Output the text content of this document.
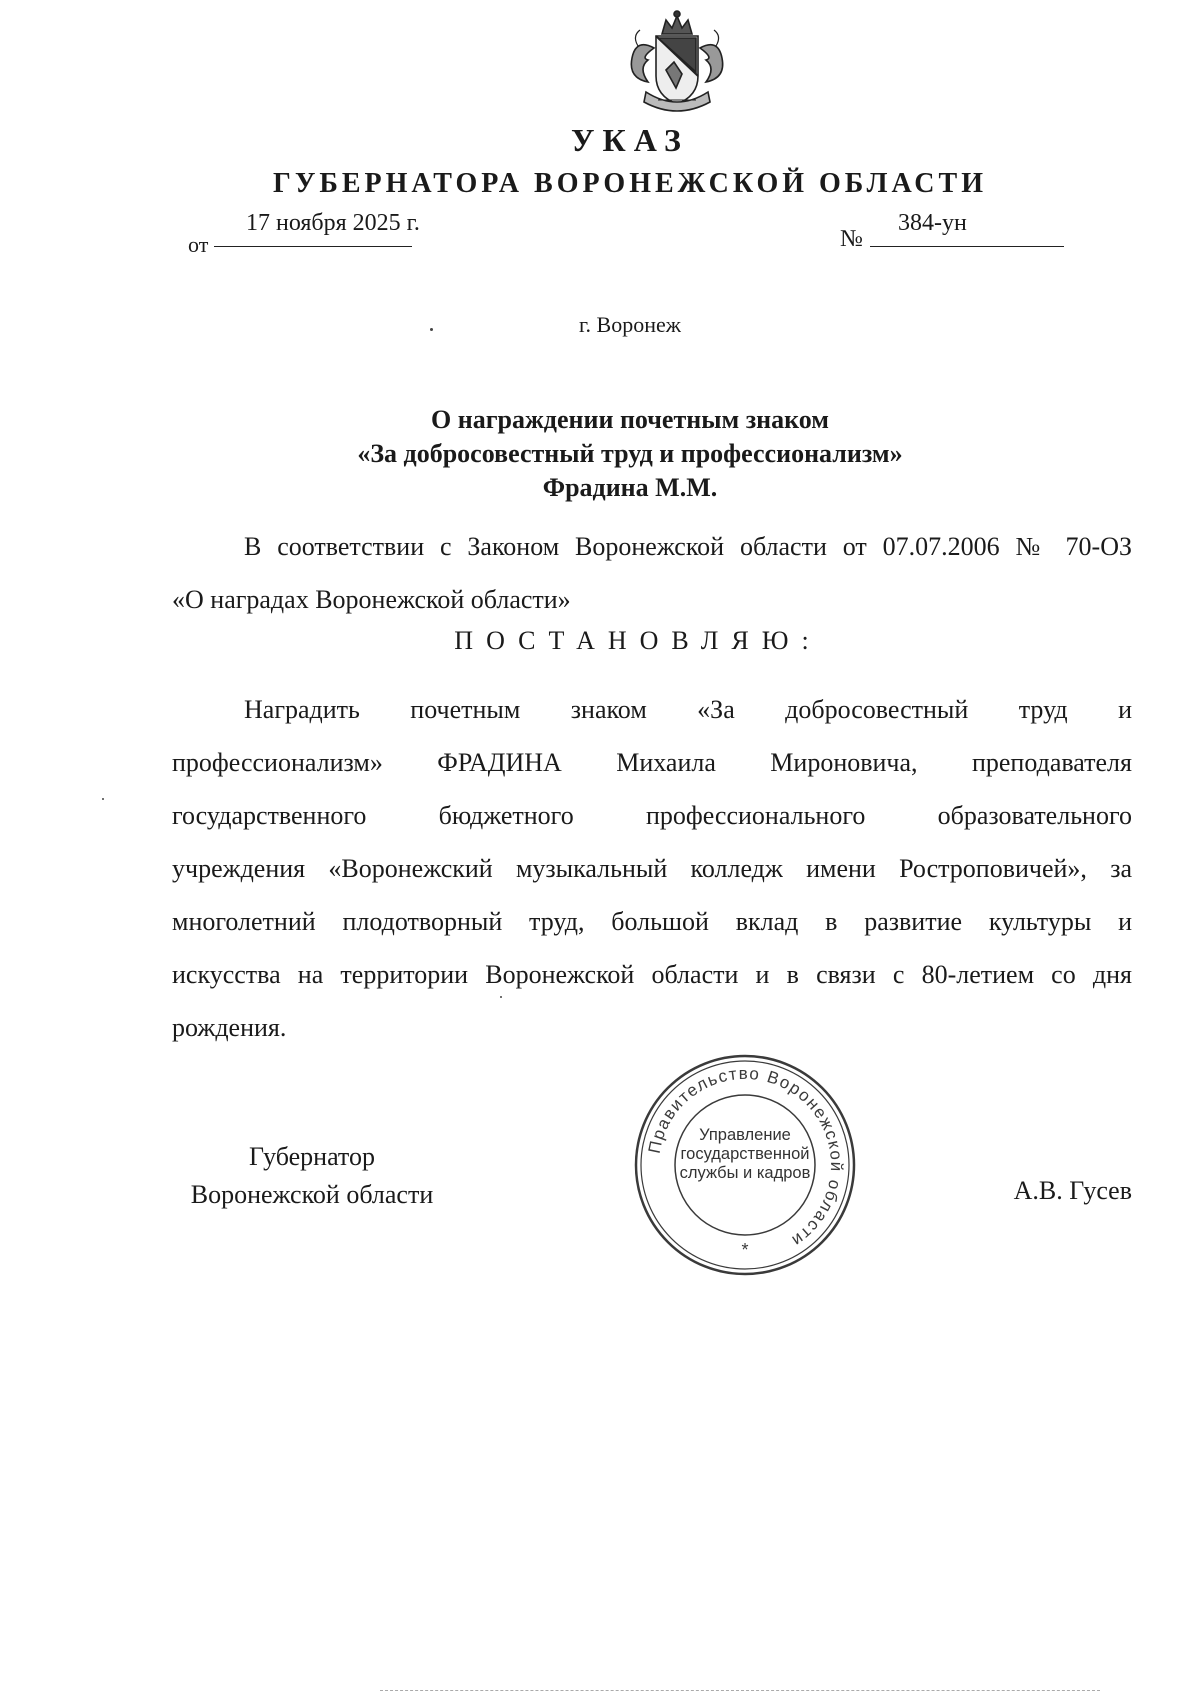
УКАЗ
ГУБЕРНАТОРА ВОРОНЕЖСКОЙ ОБЛАСТИ
от
17 ноября 2025 г.
№
384-ун
г. Воронеж
О награждении почетным знаком
«За добросовестный труд и профессионализм»
Фрадина М.М.
В соответствии с Законом Воронежской области от 07.07.2006 № 70-ОЗ
«О наградах Воронежской области»
ПОСТАНОВЛЯЮ:
Наградить почетным знаком «За добросовестный труд и
профессионализм» ФРАДИНА Михаила Мироновича, преподавателя
государственного бюджетного профессионального образовательного
учреждения «Воронежский музыкальный колледж имени Ростроповичей», за
многолетний плодотворный труд, большой вклад в развитие культуры и
искусства на территории Воронежской области и в связи с 80-летием со дня
рождения.
Губернатор
Воронежской области	А.В. Гусев
Правительство Воронежской области
*
Управление
государственной
службы и кадров
